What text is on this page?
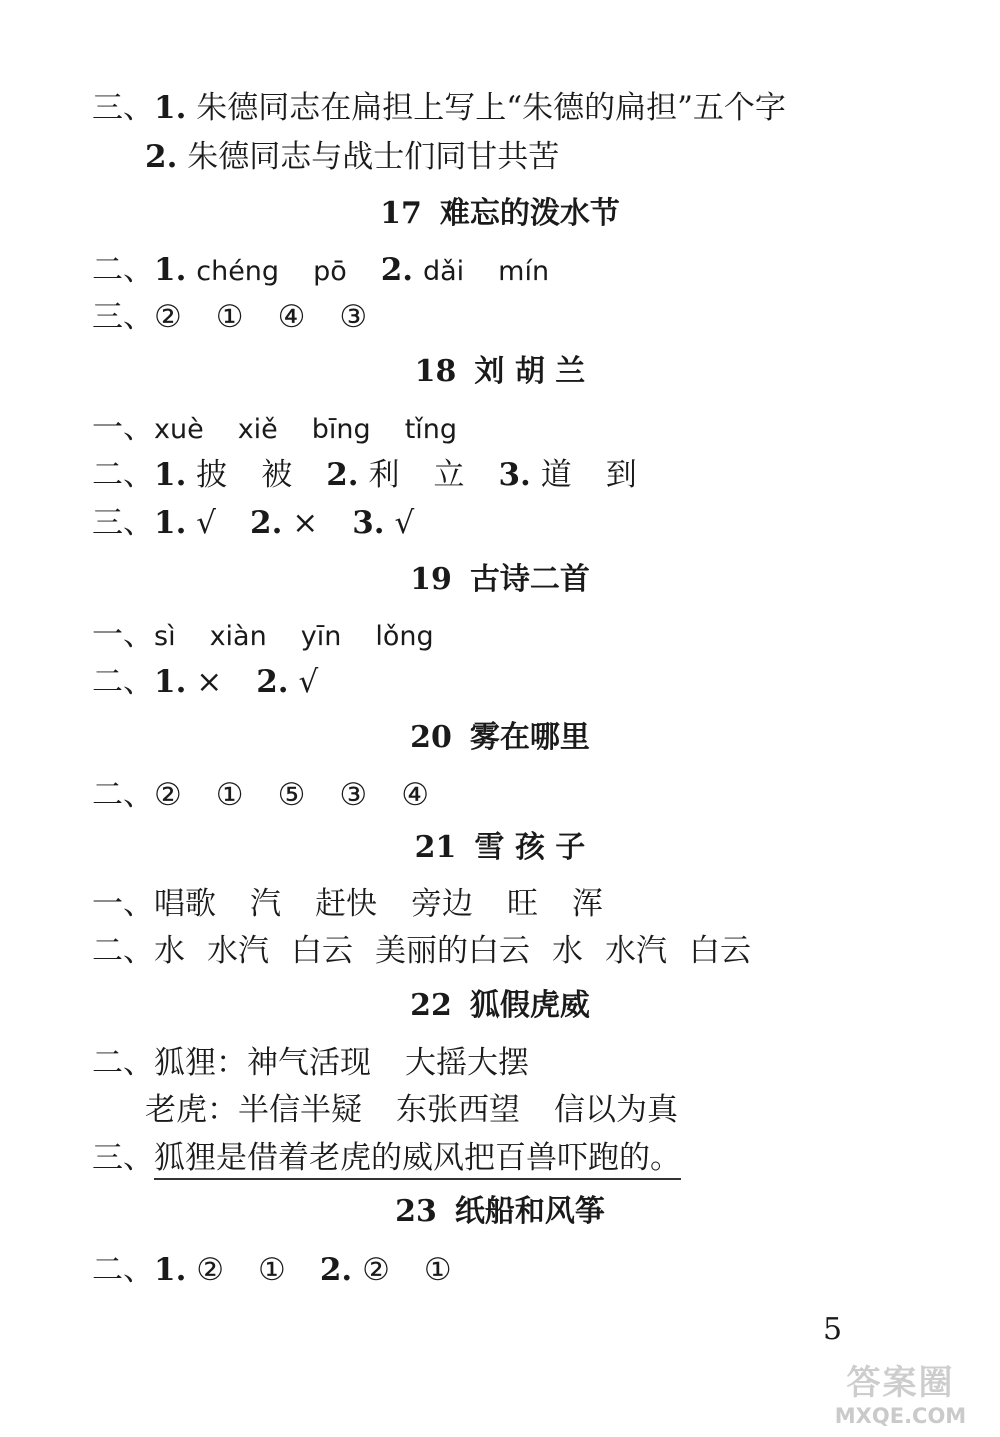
三、1. 朱德同志在扁担上写上“朱德的扁担”五个字
2. 朱德同志与战士们同甘共苦
17 难忘的泼水节
二、1. chéng pō 2. dǎi mín
三、② ① ④ ③
18 刘 胡 兰
一、xuè xiě bīng tǐng
二、1. 披 被 2. 利 立 3. 道 到
三、1. √ 2. × 3. √
19 古诗二首
一、sì xiàn yīn lǒng
二、1. × 2. √
20 雾在哪里
二、② ① ⑤ ③ ④
21 雪 孩 子
一、唱歌 汽 赶快 旁边 旺 浑
二、水 水汽 白云 美丽的白云 水 水汽 白云
22 狐假虎威
二、狐狸：神气活现 大摇大摆
老虎：半信半疑 东张西望 信以为真
三、狐狸是借着老虎的威风把百兽吓跑的。
23 纸船和风筝
二、1. ② ① 2. ② ①
5
答案圈
MXQE.COM
